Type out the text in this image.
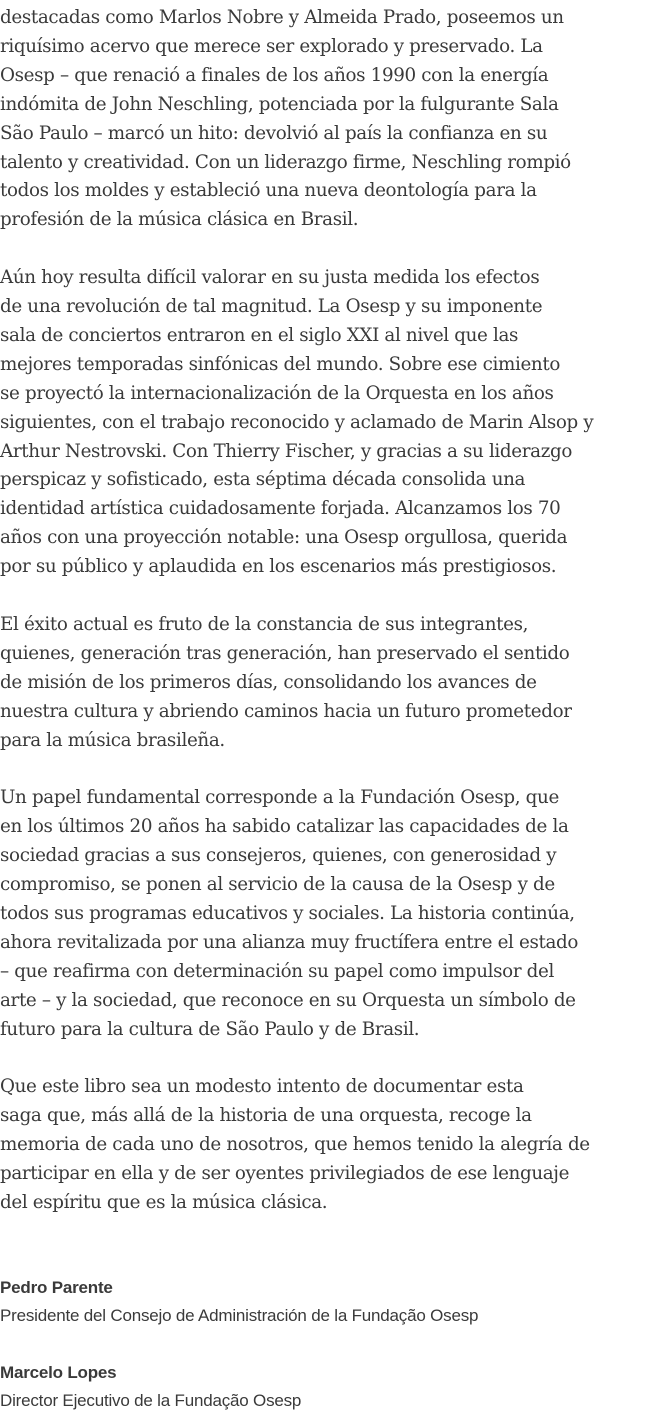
destacadas como Marlos Nobre y Almeida Prado, poseemos un
riquísimo acervo que merece ser explorado y preservado. La
Osesp – que renació a finales de los años 1990 con la energía
indómita de John Neschling, potenciada por la fulgurante Sala
São Paulo – marcó un hito: devolvió al país la confianza en su
talento y creatividad. Con un liderazgo firme, Neschling rompió
todos los moldes y estableció una nueva deontología para la
profesión de la música clásica en Brasil.

Aún hoy resulta difícil valorar en su justa medida los efectos
de una revolución de tal magnitud. La Osesp y su imponente
sala de conciertos entraron en el siglo XXI al nivel que las
mejores temporadas sinfónicas del mundo. Sobre ese cimiento
se proyectó la internacionalización de la Orquesta en los años
siguientes, con el trabajo reconocido y aclamado de Marin Alsop y
Arthur Nestrovski. Con Thierry Fischer, y gracias a su liderazgo
perspicaz y sofisticado, esta séptima década consolida una
identidad artística cuidadosamente forjada. Alcanzamos los 70
años con una proyección notable: una Osesp orgullosa, querida
por su público y aplaudida en los escenarios más prestigiosos.

El éxito actual es fruto de la constancia de sus integrantes,
quienes, generación tras generación, han preservado el sentido
de misión de los primeros días, consolidando los avances de
nuestra cultura y abriendo caminos hacia un futuro prometedor
para la música brasileña.

Un papel fundamental corresponde a la Fundación Osesp, que
en los últimos 20 años ha sabido catalizar las capacidades de la
sociedad gracias a sus consejeros, quienes, con generosidad y
compromiso, se ponen al servicio de la causa de la Osesp y de
todos sus programas educativos y sociales. La historia continúa,
ahora revitalizada por una alianza muy fructífera entre el estado
– que reafirma con determinación su papel como impulsor del
arte – y la sociedad, que reconoce en su Orquesta un símbolo de
futuro para la cultura de São Paulo y de Brasil.

Que este libro sea un modesto intento de documentar esta
saga que, más allá de la historia de una orquesta, recoge la
memoria de cada uno de nosotros, que hemos tenido la alegría de
participar en ella y de ser oyentes privilegiados de ese lenguaje
del espíritu que es la música clásica.

Pedro Parente
Presidente del Consejo de Administración de la Fundação Osesp
Marcelo Lopes
Director Ejecutivo de la Fundação Osesp
